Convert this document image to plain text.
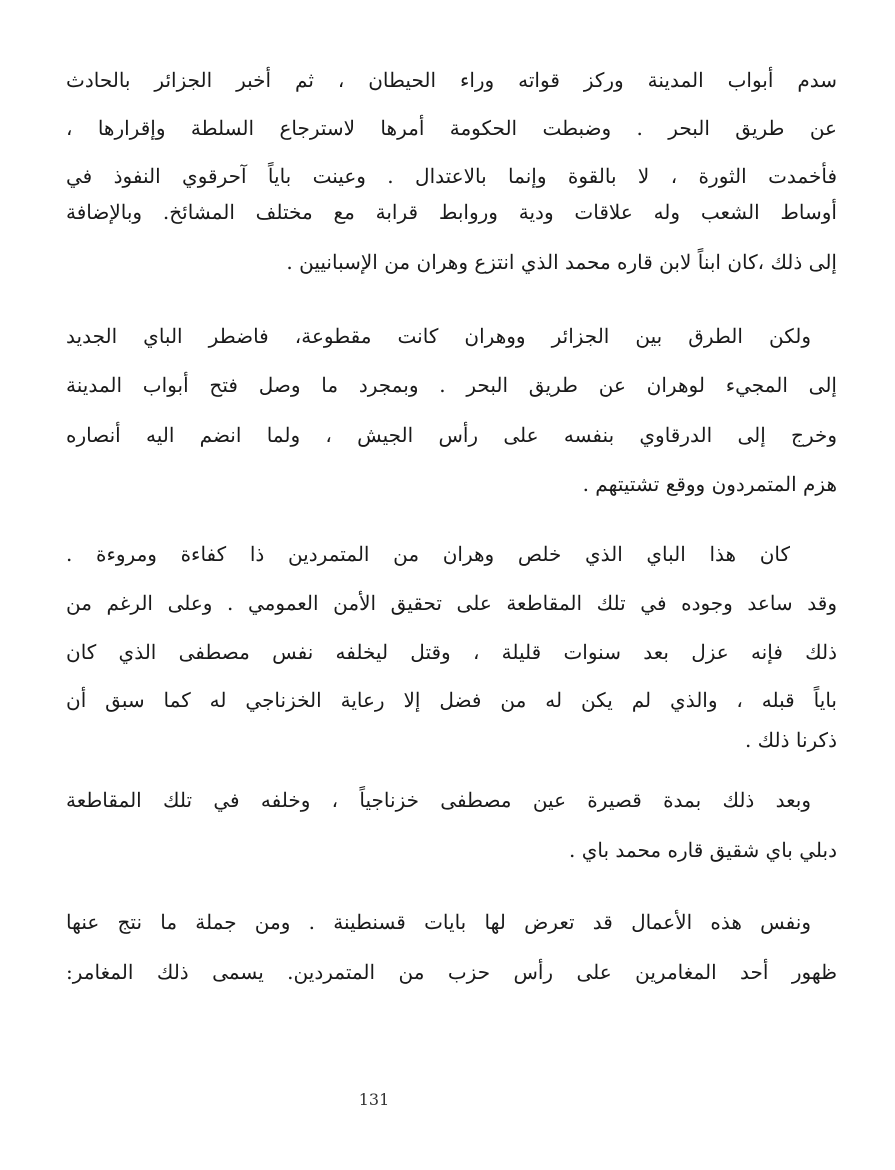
سدم أبواب المدينة وركز قواته وراء الحيطان ، ثم أخبر الجزائر بالحادث
عن طريق البحر . وضبطت الحكومة أمرها لاسترجاع السلطة وإقرارها ،
فأخمدت الثورة ، لا بالقوة وإنما بالاعتدال . وعينت باياً آحرقوي النفوذ في
أوساط الشعب وله علاقات ودية وروابط قرابة مع مختلف المشائخ. وبالإضافة
إلى ذلك ،كان ابناً لابن قاره محمد الذي انتزع وهران من الإسبانيين .
ولكن الطرق بين الجزائر ووهران كانت مقطوعة، فاضطر الباي الجديد
إلى المجيء لوهران عن طريق البحر . وبمجرد ما وصل فتح أبواب المدينة
وخرج إلى الدرقاوي بنفسه على رأس الجيش ، ولما انضم اليه أنصاره
هزم المتمردون ووقع تشتيتهم .
كان هذا الباي الذي خلص وهران من المتمردين ذا كفاءة ومروءة .
وقد ساعد وجوده في تلك المقاطعة على تحقيق الأمن العمومي . وعلى الرغم من
ذلك فإنه عزل بعد سنوات قليلة ، وقتل ليخلفه نفس مصطفى الذي كان
باياً قبله ، والذي لم يكن له من فضل إلا رعاية الخزناجي له كما سبق أن
ذكرنا ذلك .
وبعد ذلك بمدة قصيرة عين مصطفى خزناجياً ، وخلفه في تلك المقاطعة
دبلي باي شقيق قاره محمد باي .
ونفس هذه الأعمال قد تعرض لها بايات قسنطينة . ومن جملة ما نتج عنها
ظهور أحد المغامرين على رأس حزب من المتمردين. يسمى ذلك المغامر:
131
